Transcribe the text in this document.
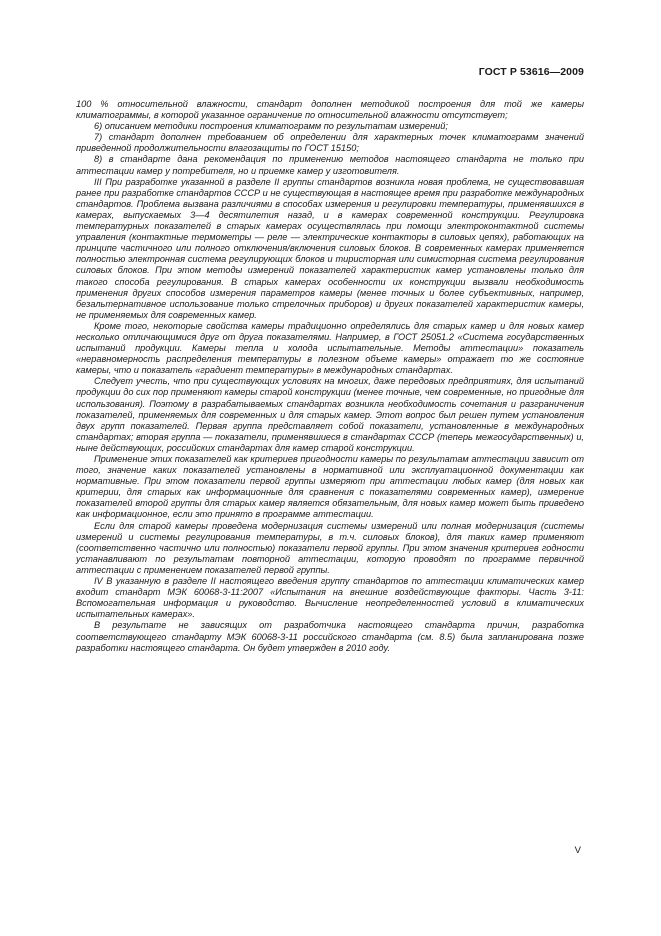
ГОСТ Р 53616—2009

100 % относительной влажности, стандарт дополнен методикой построения для той же камеры климатограммы, в которой указанное ограничение по относительной влажности отсутствует;

6) описанием методики построения климатограмм по результатам измерений;

7) стандарт дополнен требованием об определении для характерных точек климатограмм значений приведенной продолжительности влагозащиты по ГОСТ 15150;

8) в стандарте дана рекомендация по применению методов настоящего стандарта не только при аттестации камер у потребителя, но и приемке камер у изготовителя.

III При разработке указанной в разделе II группы стандартов возникла новая проблема, не существовавшая ранее при разработке стандартов СССР и не существующая в настоящее время при разработке международных стандартов. Проблема вызвана различиями в способах измерения и регулировки температуры, применявшихся в камерах, выпускаемых 3—4 десятилетия назад, и в камерах современной конструкции. Регулировка температурных показателей в старых камерах осуществлялась при помощи электроконтактной системы управления (контактные термометры — реле — электрические контакторы в силовых цепях), работающих на принципе частичного или полного отключения/включения силовых блоков. В современных камерах применяется полностью электронная система регулирующих блоков и тиристорная или симисторная система регулирования силовых блоков. При этом методы измерений показателей характеристик камер установлены только для такого способа регулирования. В старых камерах особенности их конструкции вызвали необходимость применения других способов измерения параметров камеры (менее точных и более субъективных, например, безальтернативное использование только стрелочных приборов) и других показателей характеристик камеры, не применяемых для современных камер.

Кроме того, некоторые свойства камеры традиционно определялись для старых камер и для новых камер несколько отличающимися друг от друга показателями. Например, в ГОСТ 25051.2 «Система государственных испытаний продукции. Камеры тепла и холода испытательные. Методы аттестации» показатель «неравномерность распределения температуры в полезном объеме камеры» отражает то же состояние камеры, что и показатель «градиент температуры» в международных стандартах.

Следует учесть, что при существующих условиях на многих, даже передовых предприятиях, для испытаний продукции до сих пор применяют камеры старой конструкции (менее точные, чем современные, но пригодные для использования). Поэтому в разрабатываемых стандартах возникла необходимость сочетания и разграничения показателей, применяемых для современных и для старых камер. Этот вопрос был решен путем установления двух групп показателей. Первая группа представляет собой показатели, установленные в международных стандартах; вторая группа — показатели, применявшиеся в стандартах СССР (теперь межгосударственных) и, ныне действующих, российских стандартах для камер старой конструкции.

Применение этих показателей как критериев пригодности камеры по результатам аттестации зависит от того, значение каких показателей установлены в нормативной или эксплуатационной документации как нормативные. При этом показатели первой группы измеряют при аттестации любых камер (для новых как критерии, для старых как информационные для сравнения с показателями современных камер), измерение показателей второй группы для старых камер является обязательным, для новых камер может быть приведено как информационное, если это принято в программе аттестации.

Если для старой камеры проведена модернизация системы измерений или полная модернизация (системы измерений и системы регулирования температуры, в т.ч. силовых блоков), для таких камер применяют (соответственно частично или полностью) показатели первой группы. При этом значения критериев годности устанавливают по результатам повторной аттестации, которую проводят по программе первичной аттестации с применением показателей первой группы.

IV В указанную в разделе II настоящего введения группу стандартов по аттестации климатических камер входит стандарт МЭК 60068-3-11:2007 «Испытания на внешние воздействующие факторы. Часть 3-11: Вспомогательная информация и руководство. Вычисление неопределенностей условий в климатических испытательных камерах».

В результате не зависящих от разработчика настоящего стандарта причин, разработка соответствующего стандарту МЭК 60068-3-11 российского стандарта (см. 8.5) была запланирована позже разработки настоящего стандарта. Он будет утвержден в 2010 году.

V
